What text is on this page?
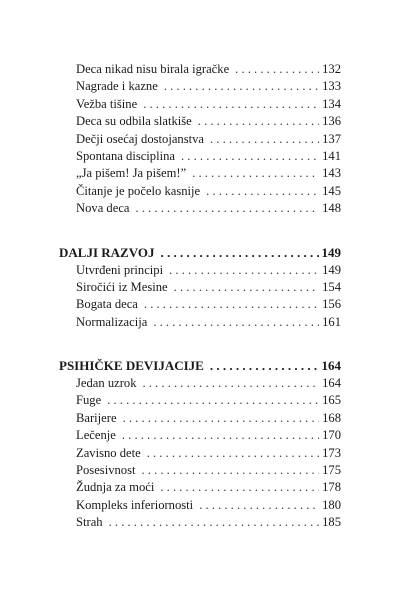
Deca nikad nisu birala igračke . . .	132
Nagrade i kazne . . .	133
Vežba tišine . . .	134
Deca su odbila slatkiše . . .	136
Dečji osećaj dostojanstva . . .	137
Spontana disciplina . . .	141
„Ja pišem! Ja pišem!” . . .	143
Čitanje je počelo kasnije . . .	145
Nova deca . . .	148
DALJI RAZVOJ . . .	149
Utvrđeni principi . . .	149
Siročići iz Mesine . . .	154
Bogata deca . . .	156
Normalizacija . . .	161
PSIHIČKE DEVIJACIJE . . .	164
Jedan uzrok . . .	164
Fuge . . .	165
Barijere . . .	168
Lečenje . . .	170
Zavisno dete . . .	173
Posesivnost . . .	175
Žudnja za moći . . .	178
Kompleks inferiornosti . . .	180
Strah . . .	185
